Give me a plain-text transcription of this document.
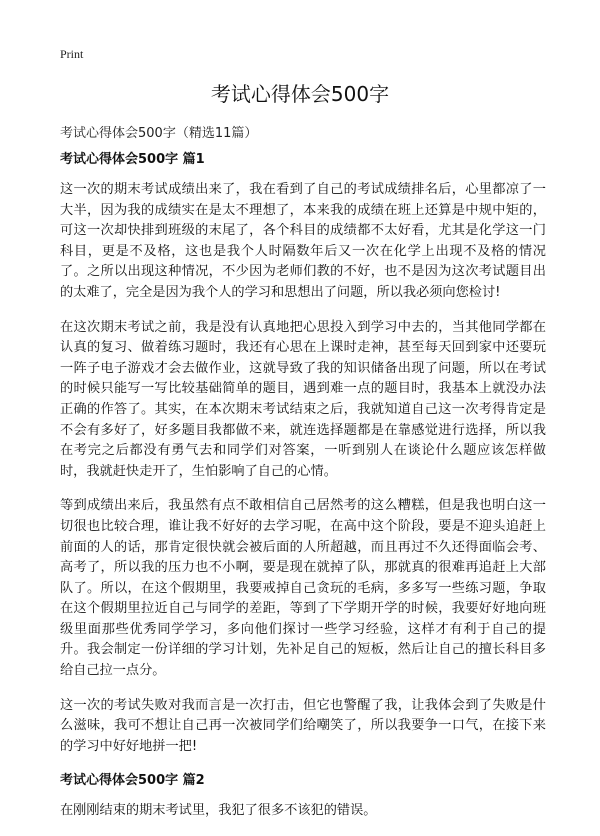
Print
考试心得体会500字
考试心得体会500字（精选11篇）
考试心得体会500字 篇1

这一次的期末考试成绩出来了，我在看到了自己的考试成绩排名后，心里都凉了一大半，因为我的成绩实在是太不理想了，本来我的成绩在班上还算是中规中矩的，可这一次却快排到班级的末尾了，各个科目的成绩都不太好看，尤其是化学这一门科目，更是不及格，这也是我个人时隔数年后又一次在化学上出现不及格的情况了。之所以出现这种情况，不少因为老师们教的不好，也不是因为这次考试题目出的太难了，完全是因为我个人的学习和思想出了问题，所以我必须向您检讨!

在这次期末考试之前，我是没有认真地把心思投入到学习中去的，当其他同学都在认真的复习、做着练习题时，我还有心思在上课时走神，甚至每天回到家中还要玩一阵子电子游戏才会去做作业，这就导致了我的知识储备出现了问题，所以在考试的时候只能写一写比较基础简单的题目，遇到难一点的题目时，我基本上就没办法正确的作答了。其实，在本次期末考试结束之后，我就知道自己这一次考得肯定是不会有多好了，好多题目我都做不来，就连选择题都是在靠感觉进行选择，所以我在考完之后都没有勇气去和同学们对答案，一听到别人在谈论什么题应该怎样做时，我就赶快走开了，生怕影响了自己的心情。

等到成绩出来后，我虽然有点不敢相信自己居然考的这么糟糕，但是我也明白这一切很也比较合理，谁让我不好好的去学习呢，在高中这个阶段，要是不迎头追赶上前面的人的话，那肯定很快就会被后面的人所超越，而且再过不久还得面临会考、高考了，所以我的压力也不小啊，要是现在就掉了队，那就真的很难再追赶上大部队了。所以，在这个假期里，我要戒掉自己贪玩的毛病，多多写一些练习题，争取在这个假期里拉近自己与同学的差距，等到了下学期开学的时候，我要好好地向班级里面那些优秀同学学习，多向他们探讨一些学习经验，这样才有利于自己的提升。我会制定一份详细的学习计划，先补足自己的短板，然后让自己的擅长科目多给自己拉一点分。

这一次的考试失败对我而言是一次打击，但它也警醒了我，让我体会到了失败是什么滋味，我可不想让自己再一次被同学们给嘲笑了，所以我要争一口气，在接下来的学习中好好地拼一把!

考试心得体会500字 篇2

在刚刚结束的期末考试里，我犯了很多不该犯的错误。
